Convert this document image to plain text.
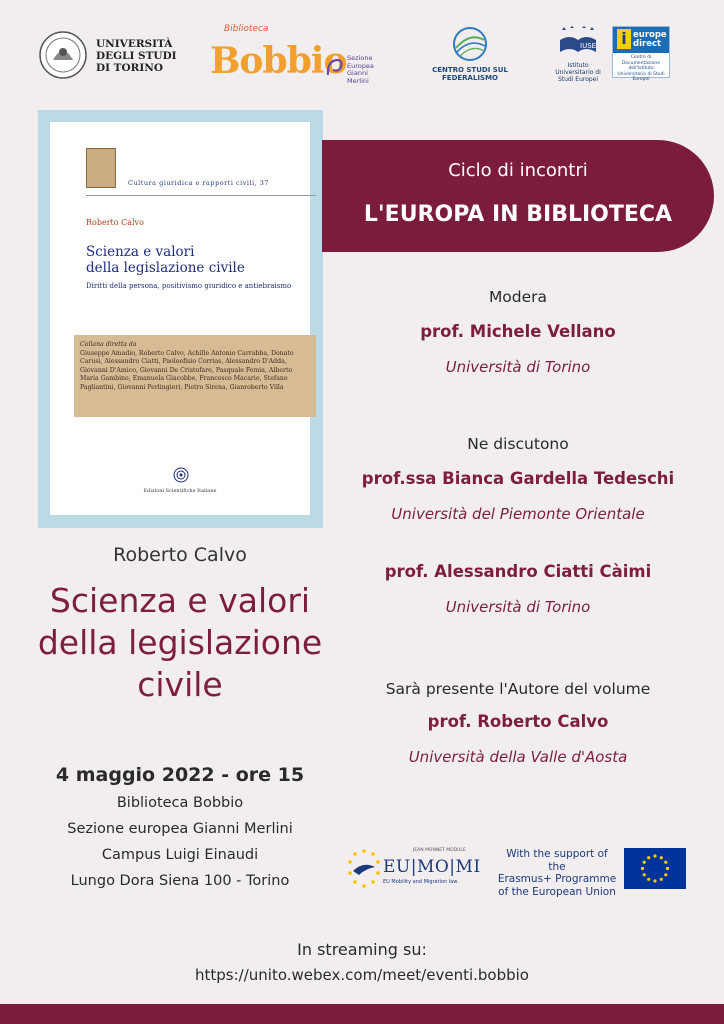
UNIVERSITÀ
DEGLI STUDI
DI TORINO
Biblioteca
Bobbio Sezione
Europea
Gianni
Merlini
CENTRO STUDI SUL FEDERALISMO
IUSE
Istituto Universitario di Studi Europei
i europe
direct
Centro di Documentazione dell'Istituto Universitario di Studi Europei
Cultura giuridica e rapporti civili, 37
Roberto Calvo
Scienza e valori
della legislazione civile
Diritti della persona, positivismo giuridico e antiebraismo
Collana diretta da
Giuseppe Amadio, Roberto Calvo, Achille Antonio Carrabba, Donato Carusi, Alessandro Ciatti, Paoloefisio Corrias, Alessandro D'Adda, Giovanni D'Amico, Giovanni De Cristofaro, Pasquale Femia, Alberto Maria Gambino, Emanuela Giacobbe, Francesco Macario, Stefano Pagliantini, Giovanni Perlingieri, Pietro Sirena, Gianroberto Villa
Edizioni Scientifiche Italiane
Ciclo di incontri
L'EUROPA IN BIBLIOTECA
Modera
prof. Michele Vellano
Università di Torino
Ne discutono
prof.ssa Bianca Gardella Tedeschi
Università del Piemonte Orientale
prof. Alessandro Ciatti Càimi
Università di Torino
Sarà presente l'Autore del volume
prof. Roberto Calvo
Università della Valle d'Aosta
Roberto Calvo
Scienza e valori
della legislazione
civile
4 maggio 2022 - ore 15
Biblioteca Bobbio
Sezione europea Gianni Merlini
Campus Luigi Einaudi
Lungo Dora Siena 100 - Torino
JEAN MONNET MODULE
EU|MO|MI
EU Mobility and Migration law
With the support of the
Erasmus+ Programme
of the European Union
In streaming su:
https://unito.webex.com/meet/eventi.bobbio
